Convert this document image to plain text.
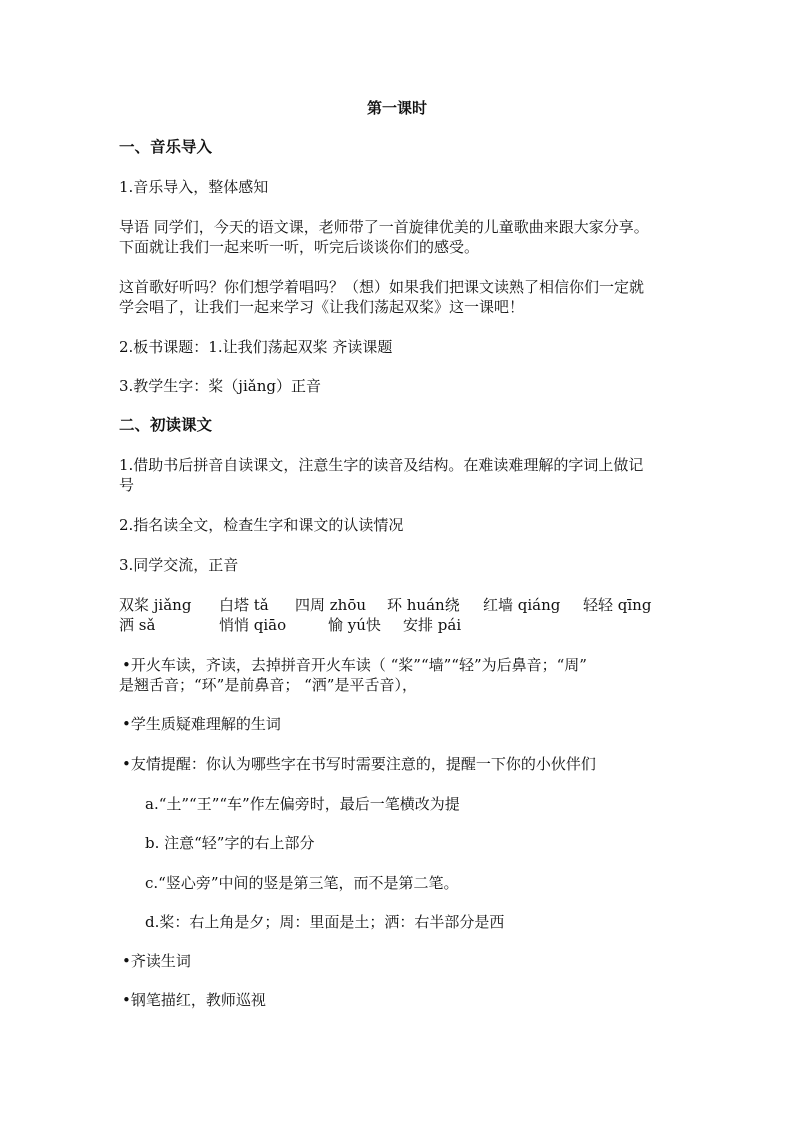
第一课时
一、音乐导入
1.音乐导入，整体感知
导语 同学们，今天的语文课，老师带了一首旋律优美的儿童歌曲来跟大家分享。
下面就让我们一起来听一听，听完后谈谈你们的感受。
这首歌好听吗？你们想学着唱吗？（想）如果我们把课文读熟了相信你们一定就
学会唱了，让我们一起来学习《让我们荡起双桨》这一课吧！
2.板书课题：1.让我们荡起双桨 齐读课题
3.教学生字：桨（jiǎng）正音
二、初读课文
1.借助书后拼音自读课文，注意生字的读音及结构。在难读难理解的字词上做记
号
2.指名读全文，检查生字和课文的认读情况
3.同学交流，正音
双桨 jiǎng 白塔 tǎ 四周 zhōu 环 huán绕 红墙 qiáng 轻轻 qīng
洒 sǎ	悄悄 qiāo	愉 yú快 安排 pái
•开火车读，齐读，去掉拼音开火车读（ “桨”“墙”“轻”为后鼻音；“周”
是翘舌音；“环”是前鼻音； “洒”是平舌音），
•学生质疑难理解的生词
•友情提醒：你认为哪些字在书写时需要注意的，提醒一下你的小伙伴们
a.“土”“王”“车”作左偏旁时，最后一笔横改为提
b. 注意“轻”字的右上部分
c.“竖心旁”中间的竖是第三笔，而不是第二笔。
d.桨：右上角是夕；周：里面是土；洒：右半部分是西
•齐读生词
•钢笔描红，教师巡视
